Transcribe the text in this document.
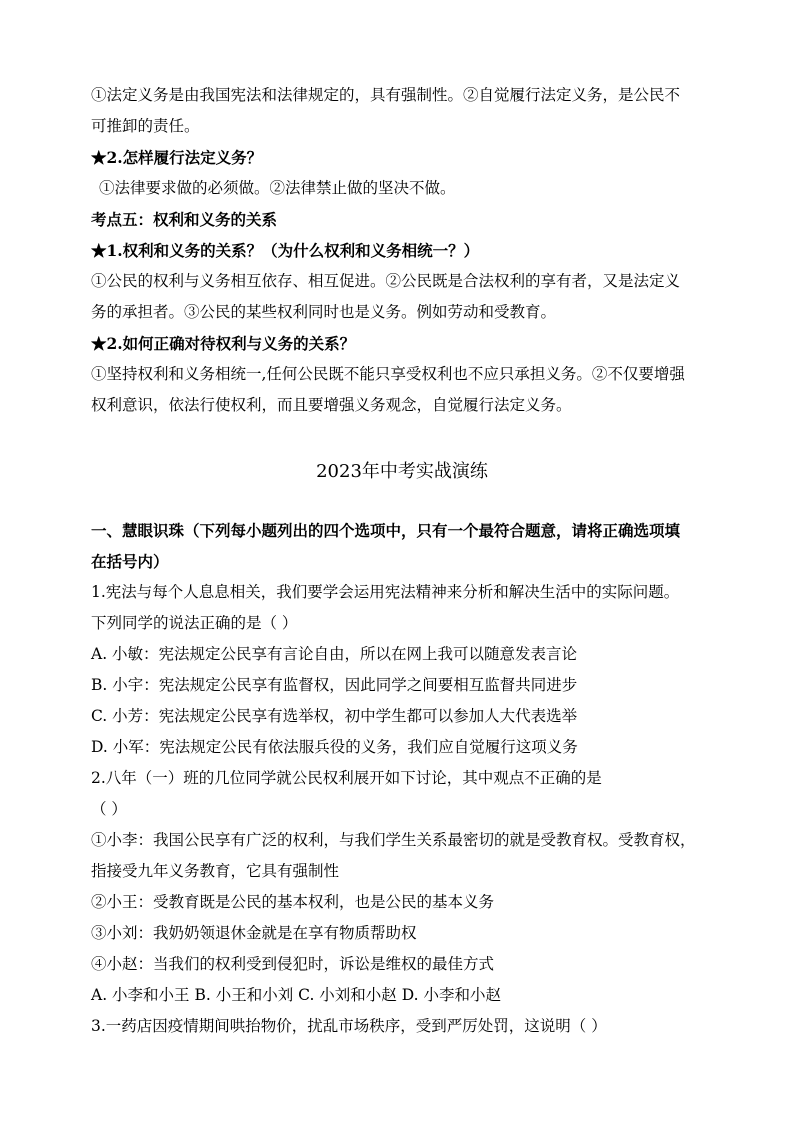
①法定义务是由我国宪法和法律规定的，具有强制性。②自觉履行法定义务，是公民不
可推卸的责任。
★2.怎样履行法定义务？
①法律要求做的必须做。②法律禁止做的坚决不做。
考点五：权利和义务的关系
★1.权利和义务的关系？（为什么权利和义务相统一？）
①公民的权利与义务相互依存、相互促进。②公民既是合法权利的享有者，又是法定义
务的承担者。③公民的某些权利同时也是义务。例如劳动和受教育。
★2.如何正确对待权利与义务的关系？
①坚持权利和义务相统一,任何公民既不能只享受权利也不应只承担义务。②不仅要增强
权利意识，依法行使权利，而且要增强义务观念，自觉履行法定义务。
2023年中考实战演练
一、慧眼识珠（下列每小题列出的四个选项中，只有一个最符合题意，请将正确选项填
在括号内）
1.宪法与每个人息息相关，我们要学会运用宪法精神来分析和解决生活中的实际问题。
下列同学的说法正确的是（ ）
A. 小敏：宪法规定公民享有言论自由，所以在网上我可以随意发表言论
B. 小宇：宪法规定公民享有监督权，因此同学之间要相互监督共同进步
C. 小芳：宪法规定公民享有选举权，初中学生都可以参加人大代表选举
D. 小军：宪法规定公民有依法服兵役的义务，我们应自觉履行这项义务
2.八年（一）班的几位同学就公民权利展开如下讨论，其中观点不正确的是
（ ）
①小李：我国公民享有广泛的权利，与我们学生关系最密切的就是受教育权。受教育权，
指接受九年义务教育，它具有强制性
②小王：受教育既是公民的基本权利，也是公民的基本义务
③小刘：我奶奶领退休金就是在享有物质帮助权
④小赵：当我们的权利受到侵犯时，诉讼是维权的最佳方式
A. 小李和小王 B. 小王和小刘 C. 小刘和小赵 D. 小李和小赵
3.一药店因疫情期间哄抬物价，扰乱市场秩序，受到严厉处罚，这说明（ ）
